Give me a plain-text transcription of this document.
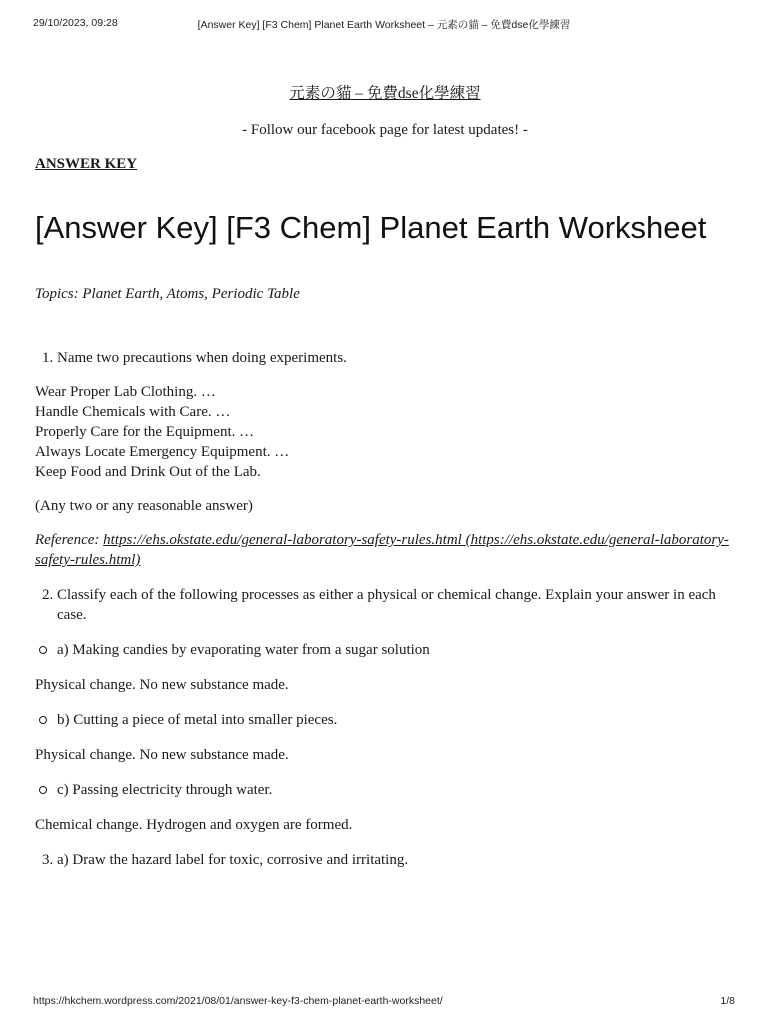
29/10/2023, 09:28	[Answer Key] [F3 Chem] Planet Earth Worksheet – 元素の貓 – 免費dse化學練習

元素の貓 – 免費dse化學練習

- Follow our facebook page for latest updates! -

ANSWER KEY

[Answer Key] [F3 Chem] Planet Earth Worksheet

Topics: Planet Earth, Atoms, Periodic Table

1. Name two precautions when doing experiments.

Wear Proper Lab Clothing. …
Handle Chemicals with Care. …
Properly Care for the Equipment. …
Always Locate Emergency Equipment. …
Keep Food and Drink Out of the Lab.

(Any two or any reasonable answer)

Reference: https://ehs.okstate.edu/general-laboratory-safety-rules.html (https://ehs.okstate.edu/general-laboratory-safety-rules.html)

2. Classify each of the following processes as either a physical or chemical change. Explain your answer in each case.

a) Making candies by evaporating water from a sugar solution

Physical change. No new substance made.

b) Cutting a piece of metal into smaller pieces.

Physical change. No new substance made.

c) Passing electricity through water.

Chemical change. Hydrogen and oxygen are formed.

3. a) Draw the hazard label for toxic, corrosive and irritating.

https://hkchem.wordpress.com/2021/08/01/answer-key-f3-chem-planet-earth-worksheet/	1/8
